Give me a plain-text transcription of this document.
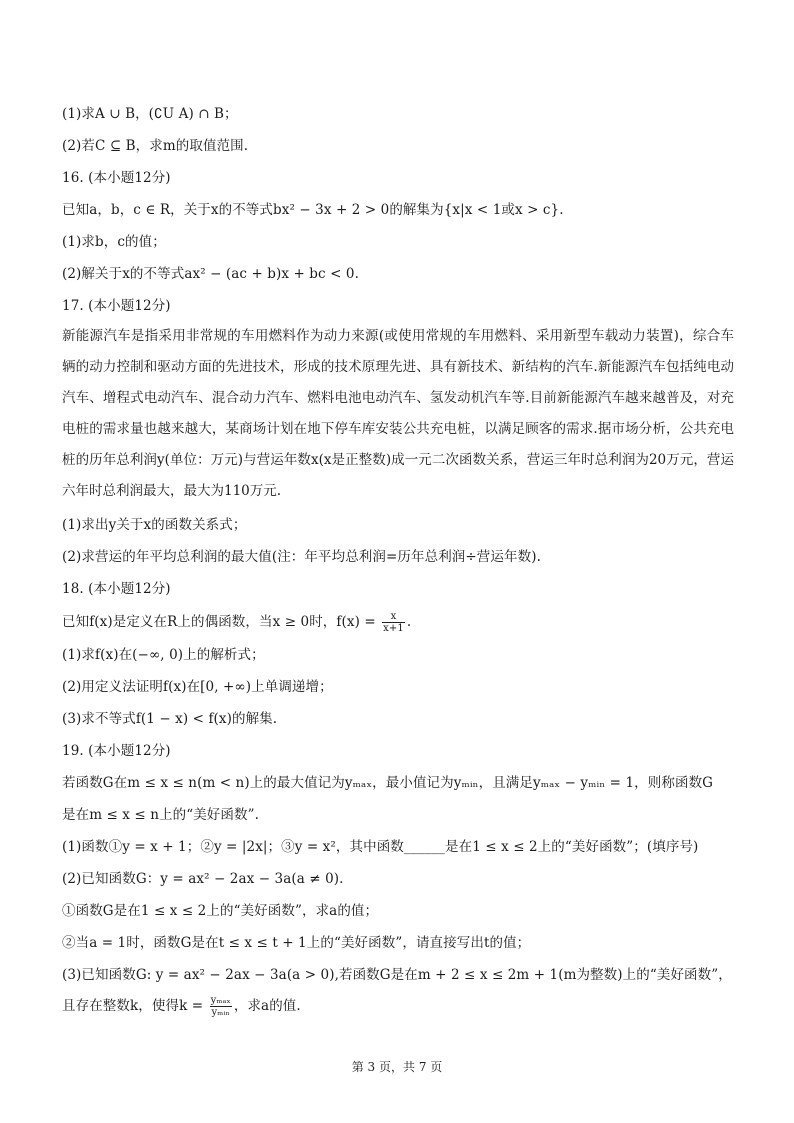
(1)求A ∪ B，(∁U A) ∩ B；
(2)若C ⊆ B，求m的取值范围.
16. (本小题12分)
已知a，b，c ∈ R，关于x的不等式bx² − 3x + 2 > 0的解集为{x|x < 1或x > c}.
(1)求b，c的值；
(2)解关于x的不等式ax² − (ac + b)x + bc < 0.
17. (本小题12分)
新能源汽车是指采用非常规的车用燃料作为动力来源(或使用常规的车用燃料、采用新型车载动力装置)，综合车辆的动力控制和驱动方面的先进技术，形成的技术原理先进、具有新技术、新结构的汽车.新能源汽车包括纯电动汽车、增程式电动汽车、混合动力汽车、燃料电池电动汽车、氢发动机汽车等.目前新能源汽车越来越普及，对充电桩的需求量也越来越大，某商场计划在地下停车库安装公共充电桩，以满足顾客的需求.据市场分析，公共充电桩的历年总利润y(单位：万元)与营运年数x(x是正整数)成一元二次函数关系，营运三年时总利润为20万元，营运六年时总利润最大，最大为110万元.
(1)求出y关于x的函数关系式；
(2)求营运的年平均总利润的最大值(注：年平均总利润=历年总利润÷营运年数).
18. (本小题12分)
已知f(x)是定义在R上的偶函数，当x ≥ 0时，$f(x) = \frac{x}{x+1}$ .
(1)求f(x)在(−∞, 0)上的解析式；
(2)用定义法证明f(x)在[0, +∞)上单调递增；
(3)求不等式f(1 − x) < f(x)的解集.
19. (本小题12分)
若函数G在m ≤ x ≤ n(m < n)上的最大值记为yₘₐₓ，最小值记为yₘᵢₙ，且满足yₘₐₓ − yₘᵢₙ = 1，则称函数G
是在m ≤ x ≤ n上的“美好函数”.
(1)函数①y = x + 1；②y = |2x|；③y = x²，其中函数______是在1 ≤ x ≤ 2上的“美好函数”；(填序号)
(2)已知函数G：y = ax² − 2ax − 3a(a ≠ 0).
①函数G是在1 ≤ x ≤ 2上的“美好函数”，求a的值；
②当a = 1时，函数G是在t ≤ x ≤ t + 1上的“美好函数”，请直接写出t的值；
(3)已知函数G: y = ax² − 2ax − 3a(a > 0),若函数G是在m + 2 ≤ x ≤ 2m + 1(m为整数)上的“美好函数”，
且存在整数k，使得$k = \frac{\text{yₘₐₓ}}{\text{yₘᵢₙ}}$ ，求a的值.
第 3 页，共 7 页
